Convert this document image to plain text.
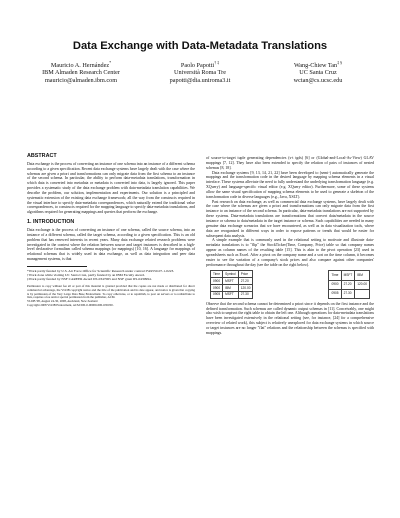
Data Exchange with Data-Metadata Translations
Mauricio A. Hernández*
IBM Almaden Research Center
mauricio@almaden.ibm.com
Paolo Papotti† ‡
Università Roma Tre
papotti@dia.uniroma3.it
Wang-Chiew Tan‡ §
UC Santa Cruz
wctan@cs.ucsc.edu
ABSTRACT

Data exchange is the process of converting an instance of one schema into an instance of a different schema according to a given specification. Recent data exchange systems have largely dealt with the case where the schemas are given a priori and transformations can only migrate data from the first schema to an instance of the second schema. In particular, the ability to perform data-metadata translations, transformation in which data is converted into metadata or metadata is converted into data, is largely ignored. This paper provides a systematic study of the data exchange problem with data-metadata translation capabilities. We describe the problem, our solution, implementation and experiments. Our solution is a principled and systematic extension of the existing data exchange framework; all the way from the constructs required in the visual interface to specify data-metadata correspondences, which naturally extend the traditional value correspondences, to constructs required for the mapping language to specify data-metadata translations, and algorithms required for generating mappings and queries that perform the exchange.

1. INTRODUCTION

Data exchange is the process of converting an instance of one schema, called the source schema, into an instance of a different schema, called the target schema, according to a given specification. This is an old problem that has renewed interests in recent years. Many data exchange related research problems were investigated in the context where the relation between source and target instances is described in a high-level declarative formalism called schema mappings (or mappings) [10, 16]. A language for mappings of relational schemas that is widely used in data exchange, as well as data integration and peer data management systems, is that

*Work partly funded by U.S. Air Force Office for Scientific Research under contract FA9550-07-1-0223.

†Work done while visiting UC Santa Cruz, partly funded by an IBM Faculty Award.

‡Work partly funded by NSF CAREER Award IIS-0347065 and NSF grant IIS-0430994.

Permission to copy without fee all or part of this material is granted provided that the copies are not made or distributed for direct commercial advantage, the VLDB copyright notice and the title of the publication and its date appear, and notice is given that copying is by permission of the Very Large Data Base Endowment. To copy otherwise, or to republish, to post on servers or to redistribute to lists, requires a fee and/or special permission from the publisher, ACM.

VLDB '08, August 24-30, 2008, Auckland, New Zealand

Copyright 2008 VLDB Endowment, ACM 000-0-00000-000-0/00/00.

of source-to-target tuple generating dependencies (s-t tgds) [6] or (Global-and-Local-As-View) GLAV mappings [7, 12]. They have also been extended to specify the relation of pairs of instances of nested schemas [8, 18].

Data exchange systems [9, 13, 14, 21, 22] have been developed to (semi-) automatically generate the mappings and the transformation code in the desired language by mapping schema elements in a visual interface. These systems alleviate the need to fully understand the underlying transformation language (e.g. XQuery) and language-specific visual editor (e.g. XQuery editor). Furthermore, some of these systems allow the same visual specification of mapping schema elements to be used to generate a skeleton of the transformation code in diverse languages (e.g., Java, XSLT).

Past research on data exchange, as well as commercial data exchange systems, have largely dealt with the case where the schemas are given a priori and transformations can only migrate data from the first instance to an instance of the second schema. In particular, data-metadata translations are not supported by these systems. Data-metadata translations are transformations that convert data/metadata in the source instance or schema to data/metadata in the target instance or schema. Such capabilities are needed in many genuine data exchange scenarios that we have encountered, as well as in data visualization tools, where data are reorganized in different ways in order to expose patterns or trends that would be easier for subsequent data analysis.

A simple example that is commonly used in the relational setting to motivate and illustrate data-metadata translations is to "flip" the StockTicker(Time, Company, Price) table so that company names appear as column names of the resulting table [15]. This is akin to the pivot operation [23] used in spreadsheets such as Excel. After a pivot on the company name and a sort on the time column, it becomes easier to see the variation of a company's stock prices and also compare against other companies' performance throughout the day (see the table on the right below).

Time	Symbol	Price
0900	MSFT	27.20
0900	IBM	120.00
0905	MSFT	27.30
Time	MSFT	IBM
0900	27.20	120.00
0905	27.30	

Observe that the second schema cannot be determined a priori since it depends on the first instance and the defined transformation. Such schemas are called dynamic output schemas in [11]. Conceivably, one might also wish to unpivot the right table to obtain the left one. Although operations for data-metadata translations have been investigated extensively in the relational setting (see, for instance, [24] for a comprehensive overview of related work), this subject is relatively unexplored for data exchange systems in which source or target instances are no longer "flat" relations and the relationship between the schemas is specified with mappings.
